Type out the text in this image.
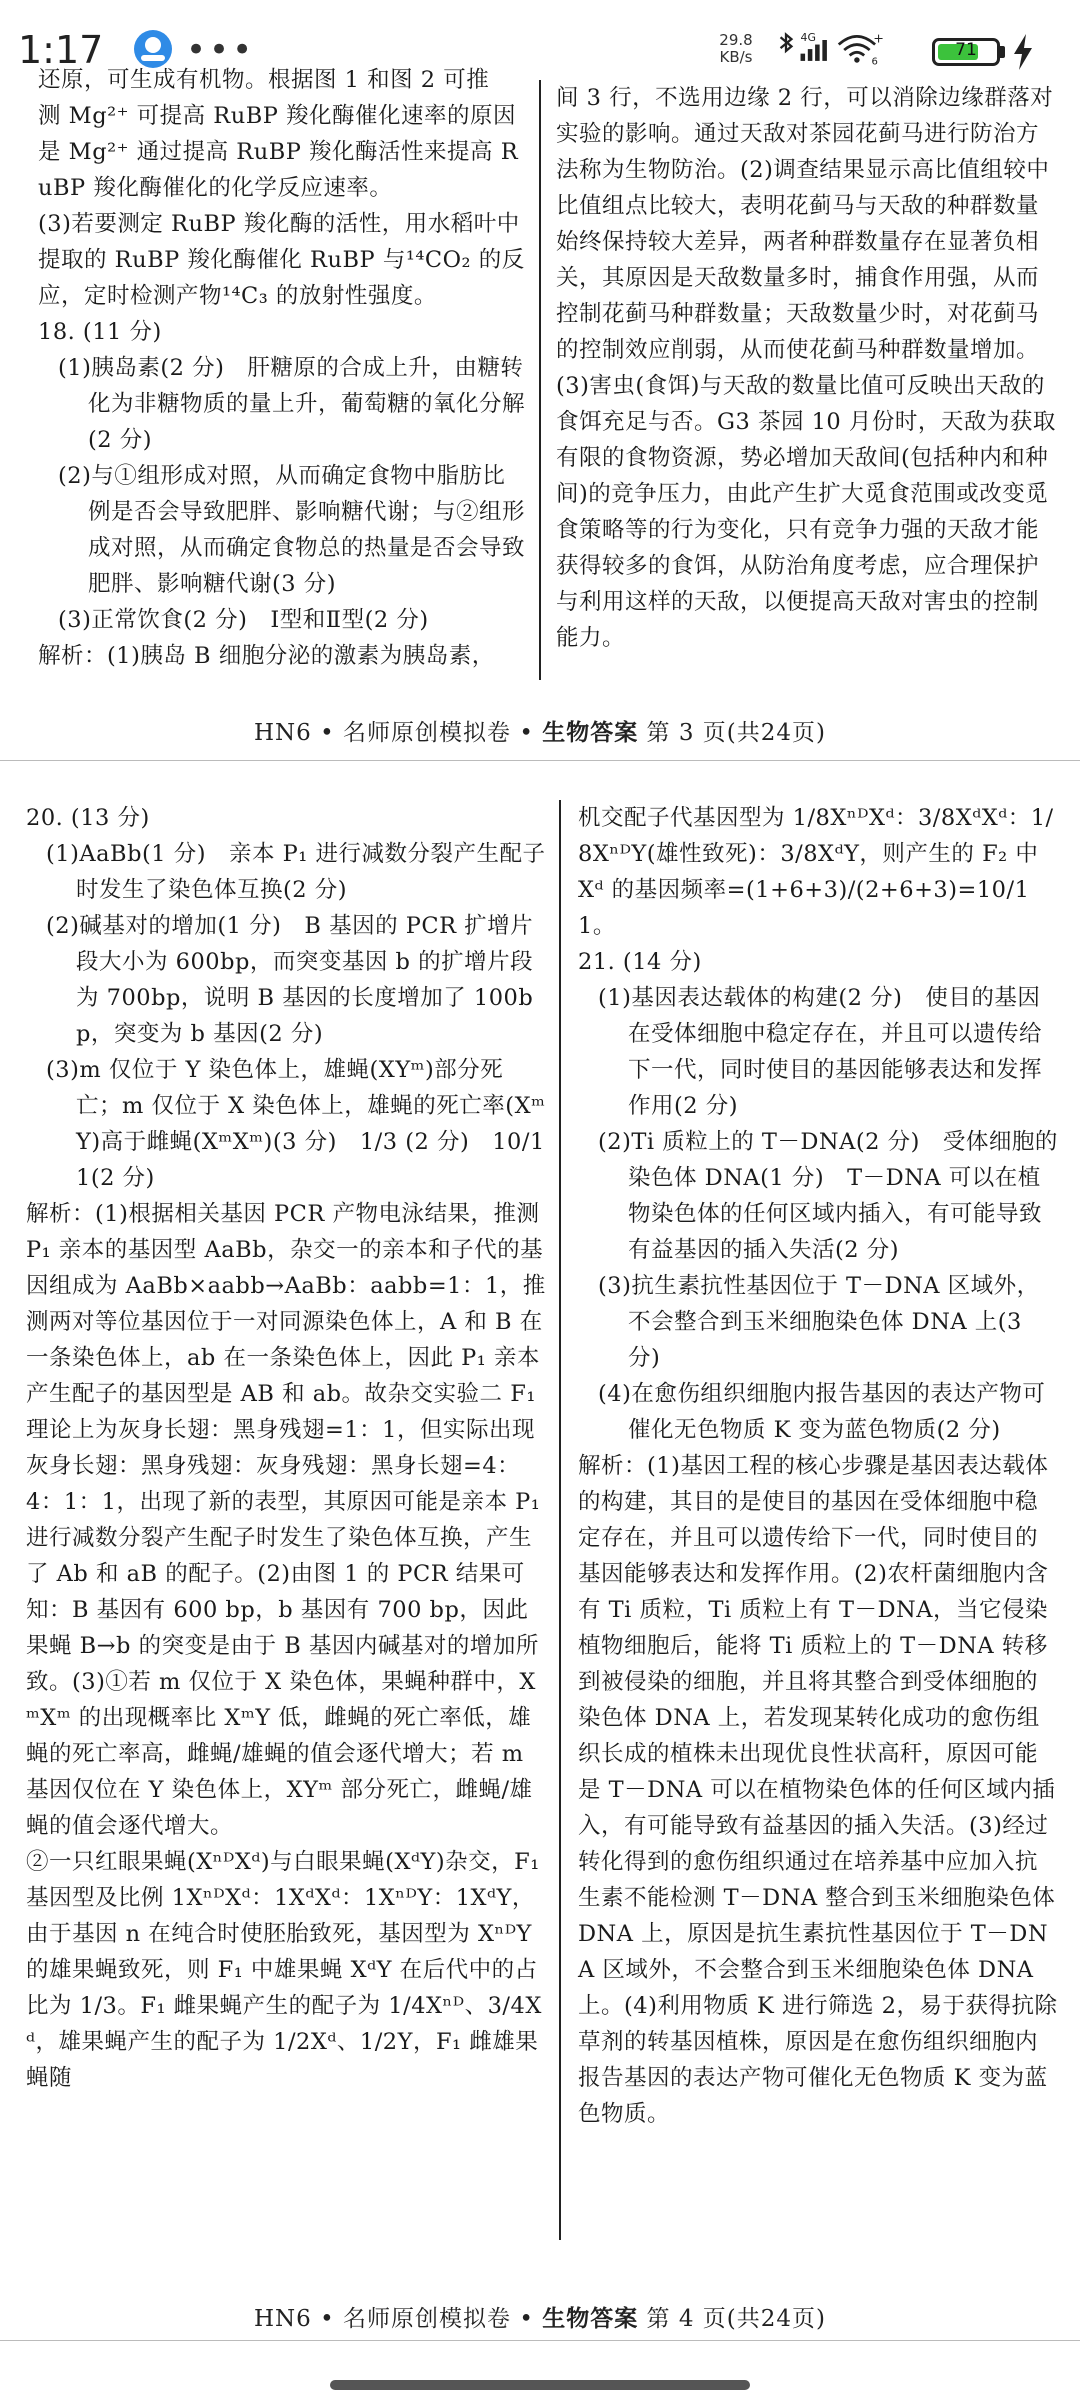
1:17 •••	29.8
KB/s
4G
6
+
71

还原，可生成有机物。根据图 1 和图 2 可推

测 Mg²⁺ 可提高 RuBP 羧化酶催化速率的原因是 Mg²⁺ 通过提高 RuBP 羧化酶活性来提高 RuBP 羧化酶催化的化学反应速率。

(3)若要测定 RuBP 羧化酶的活性，用水稻叶中提取的 RuBP 羧化酶催化 RuBP 与¹⁴CO₂ 的反应，定时检测产物¹⁴C₃ 的放射性强度。

18. (11 分)

(1)胰岛素(2 分)　肝糖原的合成上升，由糖转化为非糖物质的量上升，葡萄糖的氧化分解(2 分)

(2)与①组形成对照，从而确定食物中脂肪比例是否会导致肥胖、影响糖代谢；与②组形成对照，从而确定食物总的热量是否会导致肥胖、影响糖代谢(3 分)

(3)正常饮食(2 分)　Ⅰ型和Ⅱ型(2 分)

解析：(1)胰岛 B 细胞分泌的激素为胰岛素，

间 3 行，不选用边缘 2 行，可以消除边缘群落对实验的影响。通过天敌对茶园花蓟马进行防治方法称为生物防治。(2)调查结果显示高比值组较中比值组点比较大，表明花蓟马与天敌的种群数量始终保持较大差异，两者种群数量存在显著负相关，其原因是天敌数量多时，捕食作用强，从而控制花蓟马种群数量；天敌数量少时，对花蓟马的控制效应削弱，从而使花蓟马种群数量增加。(3)害虫(食饵)与天敌的数量比值可反映出天敌的食饵充足与否。G3 茶园 10 月份时，天敌为获取有限的食物资源，势必增加天敌间(包括种内和种间)的竞争压力，由此产生扩大觅食范围或改变觅食策略等的行为变化，只有竞争力强的天敌才能获得较多的食饵，从防治角度考虑，应合理保护与利用这样的天敌，以便提高天敌对害虫的控制能力。

HN6 • 名师原创模拟卷 • 生物答案 第 3 页(共24页)

20. (13 分)

(1)AaBb(1 分)　亲本 P₁ 进行减数分裂产生配子时发生了染色体互换(2 分)

(2)碱基对的增加(1 分)　B 基因的 PCR 扩增片段大小为 600bp，而突变基因 b 的扩增片段为 700bp，说明 B 基因的长度增加了 100bp，突变为 b 基因(2 分)

(3)m 仅位于 Y 染色体上，雄蝇(XYᵐ)部分死亡；m 仅位于 X 染色体上，雄蝇的死亡率(XᵐY)高于雌蝇(XᵐXᵐ)(3 分)　1/3 (2 分)　10/11(2 分)

解析：(1)根据相关基因 PCR 产物电泳结果，推测 P₁ 亲本的基因型 AaBb，杂交一的亲本和子代的基因组成为 AaBb×aabb→AaBb：aabb=1：1，推测两对等位基因位于一对同源染色体上，A 和 B 在一条染色体上，ab 在一条染色体上，因此 P₁ 亲本产生配子的基因型是 AB 和 ab。故杂交实验二 F₁ 理论上为灰身长翅：黑身残翅=1：1，但实际出现灰身长翅：黑身残翅：灰身残翅：黑身长翅=4：4：1：1，出现了新的表型，其原因可能是亲本 P₁ 进行减数分裂产生配子时发生了染色体互换，产生了 Ab 和 aB 的配子。(2)由图 1 的 PCR 结果可知：B 基因有 600 bp，b 基因有 700 bp，因此果蝇 B→b 的突变是由于 B 基因内碱基对的增加所致。(3)①若 m 仅位于 X 染色体，果蝇种群中，XᵐXᵐ 的出现概率比 XᵐY 低，雌蝇的死亡率低，雄蝇的死亡率高，雌蝇/雄蝇的值会逐代增大；若 m 基因仅位在 Y 染色体上，XYᵐ 部分死亡，雌蝇/雄蝇的值会逐代增大。

②一只红眼果蝇(XⁿᴰXᵈ)与白眼果蝇(XᵈY)杂交，F₁ 基因型及比例 1XⁿᴰXᵈ：1XᵈXᵈ：1XⁿᴰY：1XᵈY，由于基因 n 在纯合时使胚胎致死，基因型为 XⁿᴰY 的雄果蝇致死，则 F₁ 中雄果蝇 XᵈY 在后代中的占比为 1/3。F₁ 雌果蝇产生的配子为 1/4Xⁿᴰ、3/4Xᵈ，雄果蝇产生的配子为 1/2Xᵈ、1/2Y，F₁ 雌雄果蝇随

机交配子代基因型为 1/8XⁿᴰXᵈ：3/8XᵈXᵈ：1/8XⁿᴰY(雄性致死)：3/8XᵈY，则产生的 F₂ 中 Xᵈ 的基因频率=(1+6+3)/(2+6+3)=10/11。

21. (14 分)

(1)基因表达载体的构建(2 分)　使目的基因在受体细胞中稳定存在，并且可以遗传给下一代，同时使目的基因能够表达和发挥作用(2 分)

(2)Ti 质粒上的 T－DNA(2 分)　受体细胞的染色体 DNA(1 分)　T－DNA 可以在植物染色体的任何区域内插入，有可能导致有益基因的插入失活(2 分)

(3)抗生素抗性基因位于 T－DNA 区域外，不会整合到玉米细胞染色体 DNA 上(3 分)

(4)在愈伤组织细胞内报告基因的表达产物可催化无色物质 K 变为蓝色物质(2 分)

解析：(1)基因工程的核心步骤是基因表达载体的构建，其目的是使目的基因在受体细胞中稳定存在，并且可以遗传给下一代，同时使目的基因能够表达和发挥作用。(2)农杆菌细胞内含有 Ti 质粒，Ti 质粒上有 T－DNA，当它侵染植物细胞后，能将 Ti 质粒上的 T－DNA 转移到被侵染的细胞，并且将其整合到受体细胞的染色体 DNA 上，若发现某转化成功的愈伤组织长成的植株未出现优良性状高秆，原因可能是 T－DNA 可以在植物染色体的任何区域内插入，有可能导致有益基因的插入失活。(3)经过转化得到的愈伤组织通过在培养基中应加入抗生素不能检测 T－DNA 整合到玉米细胞染色体 DNA 上，原因是抗生素抗性基因位于 T－DNA 区域外，不会整合到玉米细胞染色体 DNA 上。(4)利用物质 K 进行筛选 2，易于获得抗除草剂的转基因植株，原因是在愈伤组织细胞内报告基因的表达产物可催化无色物质 K 变为蓝色物质。

HN6 • 名师原创模拟卷 • 生物答案 第 4 页(共24页)
